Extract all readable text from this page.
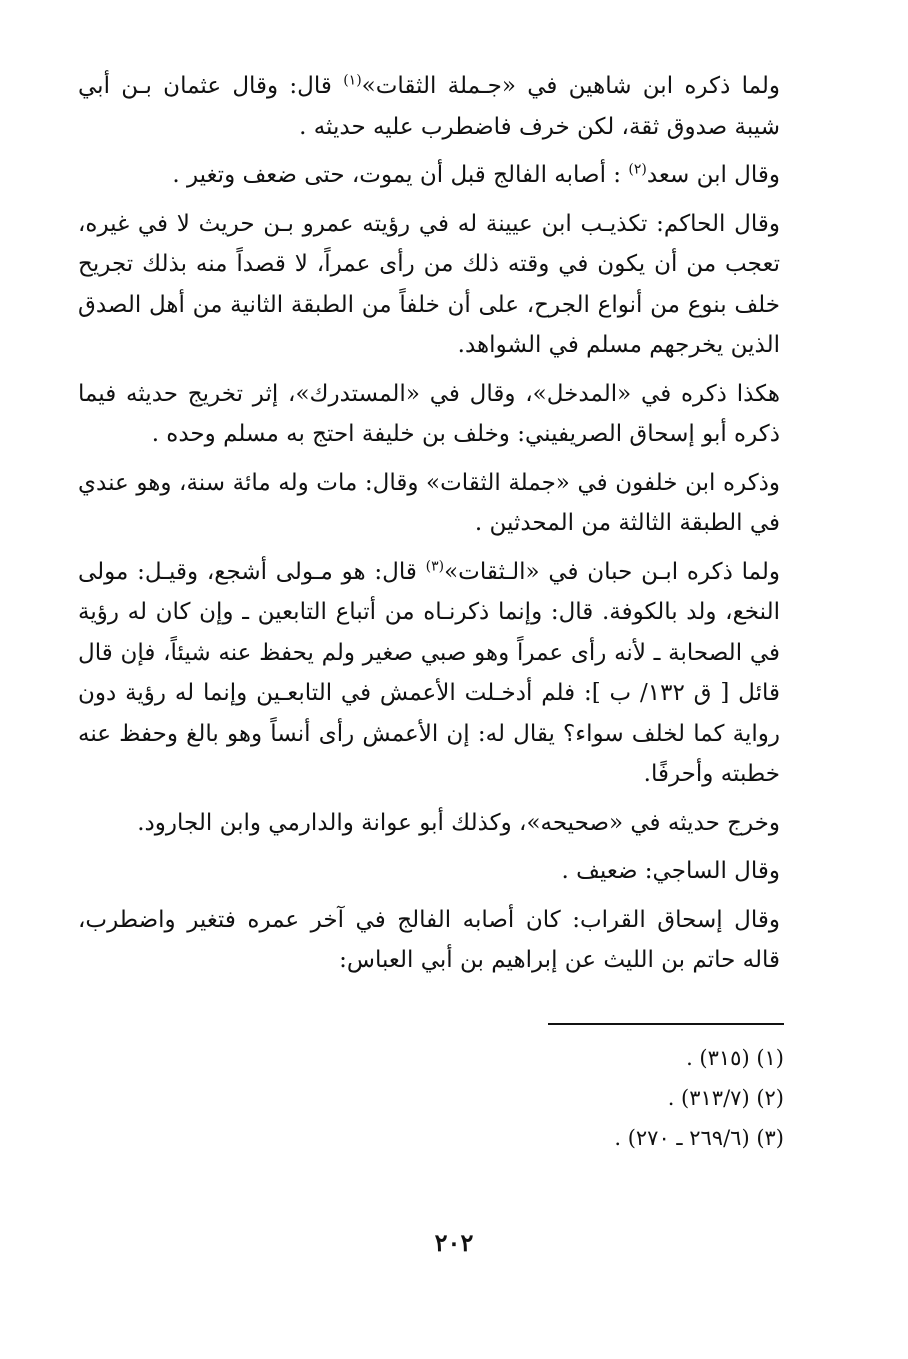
ولما ذكره ابن شاهين في «جـملة الثقات»$^{(١)}$ قال: وقال عثمان بـن أبي شيبة صدوق ثقة، لكن خرف فاضطرب عليه حديثه .

وقال ابن سعد$^{(٢)}$ : أصابه الفالج قبل أن يموت، حتى ضعف وتغير .

وقال الحاكم: تكذيـب ابن عيينة له في رؤيته عمرو بـن حريث لا في غيره، تعجب من أن يكون في وقته ذلك من رأى عمراً، لا قصداً منه بذلك تجريح خلف بنوع من أنواع الجرح، على أن خلفاً من الطبقة الثانية من أهل الصدق الذين يخرجهم مسلم في الشواهد.

هكذا ذكره في «المدخل»، وقال في «المستدرك»، إثر تخريج حديثه فيما ذكره أبو إسحاق الصريفيني: وخلف بن خليفة احتج به مسلم وحده .

وذكره ابن خلفون في «جملة الثقات» وقال: مات وله مائة سنة، وهو عندي في الطبقة الثالثة من المحدثين .

ولما ذكره ابـن حبان في «الـثقات»$^{(٣)}$ قال: هو مـولى أشجع، وقيـل: مولى النخع، ولد بالكوفة. قال: وإنما ذكرنـاه من أتباع التابعين ـ وإن كان له رؤية في الصحابة ـ لأنه رأى عمراً وهو صبي صغير ولم يحفظ عنه شيئاً، فإن قال قائل [ ق ١٣٢/ ب ]: فلم أدخـلت الأعمش في التابعـين وإنما له رؤية دون رواية كما لخلف سواء؟ يقال له: إن الأعمش رأى أنساً وهو بالغ وحفظ عنه خطبته وأحرفًا.

وخرج حديثه في «صحيحه»، وكذلك أبو عوانة والدارمي وابن الجارود.

وقال الساجي: ضعيف .

وقال إسحاق القراب: كان أصابه الفالج في آخر عمره فتغير واضطرب، قاله حاتم بن الليث عن إبراهيم بن أبي العباس:

(١) (٣١٥) .
(٢) (٣١٣/٧) .
(٣) (٢٦٩/٦ ـ ٢٧٠) .
٢٠٢
